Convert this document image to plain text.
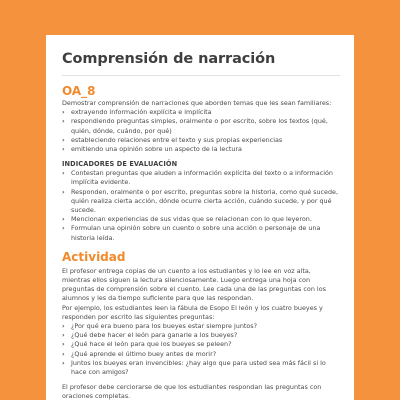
Comprensión de narración
OA_8

Demostrar comprensión de narraciones que aborden temas que les sean familiares:

› extrayendo información explícita e implícita
› respondiendo preguntas simples, oralmente o por escrito, sobre los textos (qué, quién, dónde, cuándo, por qué)
› estableciendo relaciones entre el texto y sus propias experiencias
› emitiendo una opinión sobre un aspecto de la lectura
INDICADORES DE EVALUACIÓN
› Contestan preguntas que aluden a información explícita del texto o a información implícita evidente.
› Responden, oralmente o por escrito, preguntas sobre la historia, como qué sucede, quién realiza cierta acción, dónde ocurre cierta acción, cuándo sucede, y por qué sucede.
› Mencionan experiencias de sus vidas que se relacionan con lo que leyeron.
› Formulan una opinión sobre un cuento o sobre una acción o personaje de una historia leída.
Actividad

El profesor entrega copias de un cuento a los estudiantes y lo lee en voz alta, mientras ellos siguen la lectura silenciosamente. Luego entrega una hoja con preguntas de comprensión sobre el cuento. Lee cada una de las preguntas con los alumnos y les da tiempo suficiente para que las respondan.

Por ejemplo, los estudiantes leen la fábula de Esopo El león y los cuatro bueyes y responden por escrito las siguientes preguntas:

› ¿Por qué era bueno para los bueyes estar siempre juntos?
› ¿Qué debe hacer el león para ganarle a los bueyes?
› ¿Qué hace el león para que los bueyes se peleen?
› ¿Qué aprende el último buey antes de morir?
› Juntos los bueyes eran invencibles: ¿hay algo que para usted sea más fácil si lo hace con amigos?

El profesor debe cerciorarse de que los estudiantes respondan las preguntas con oraciones completas.
